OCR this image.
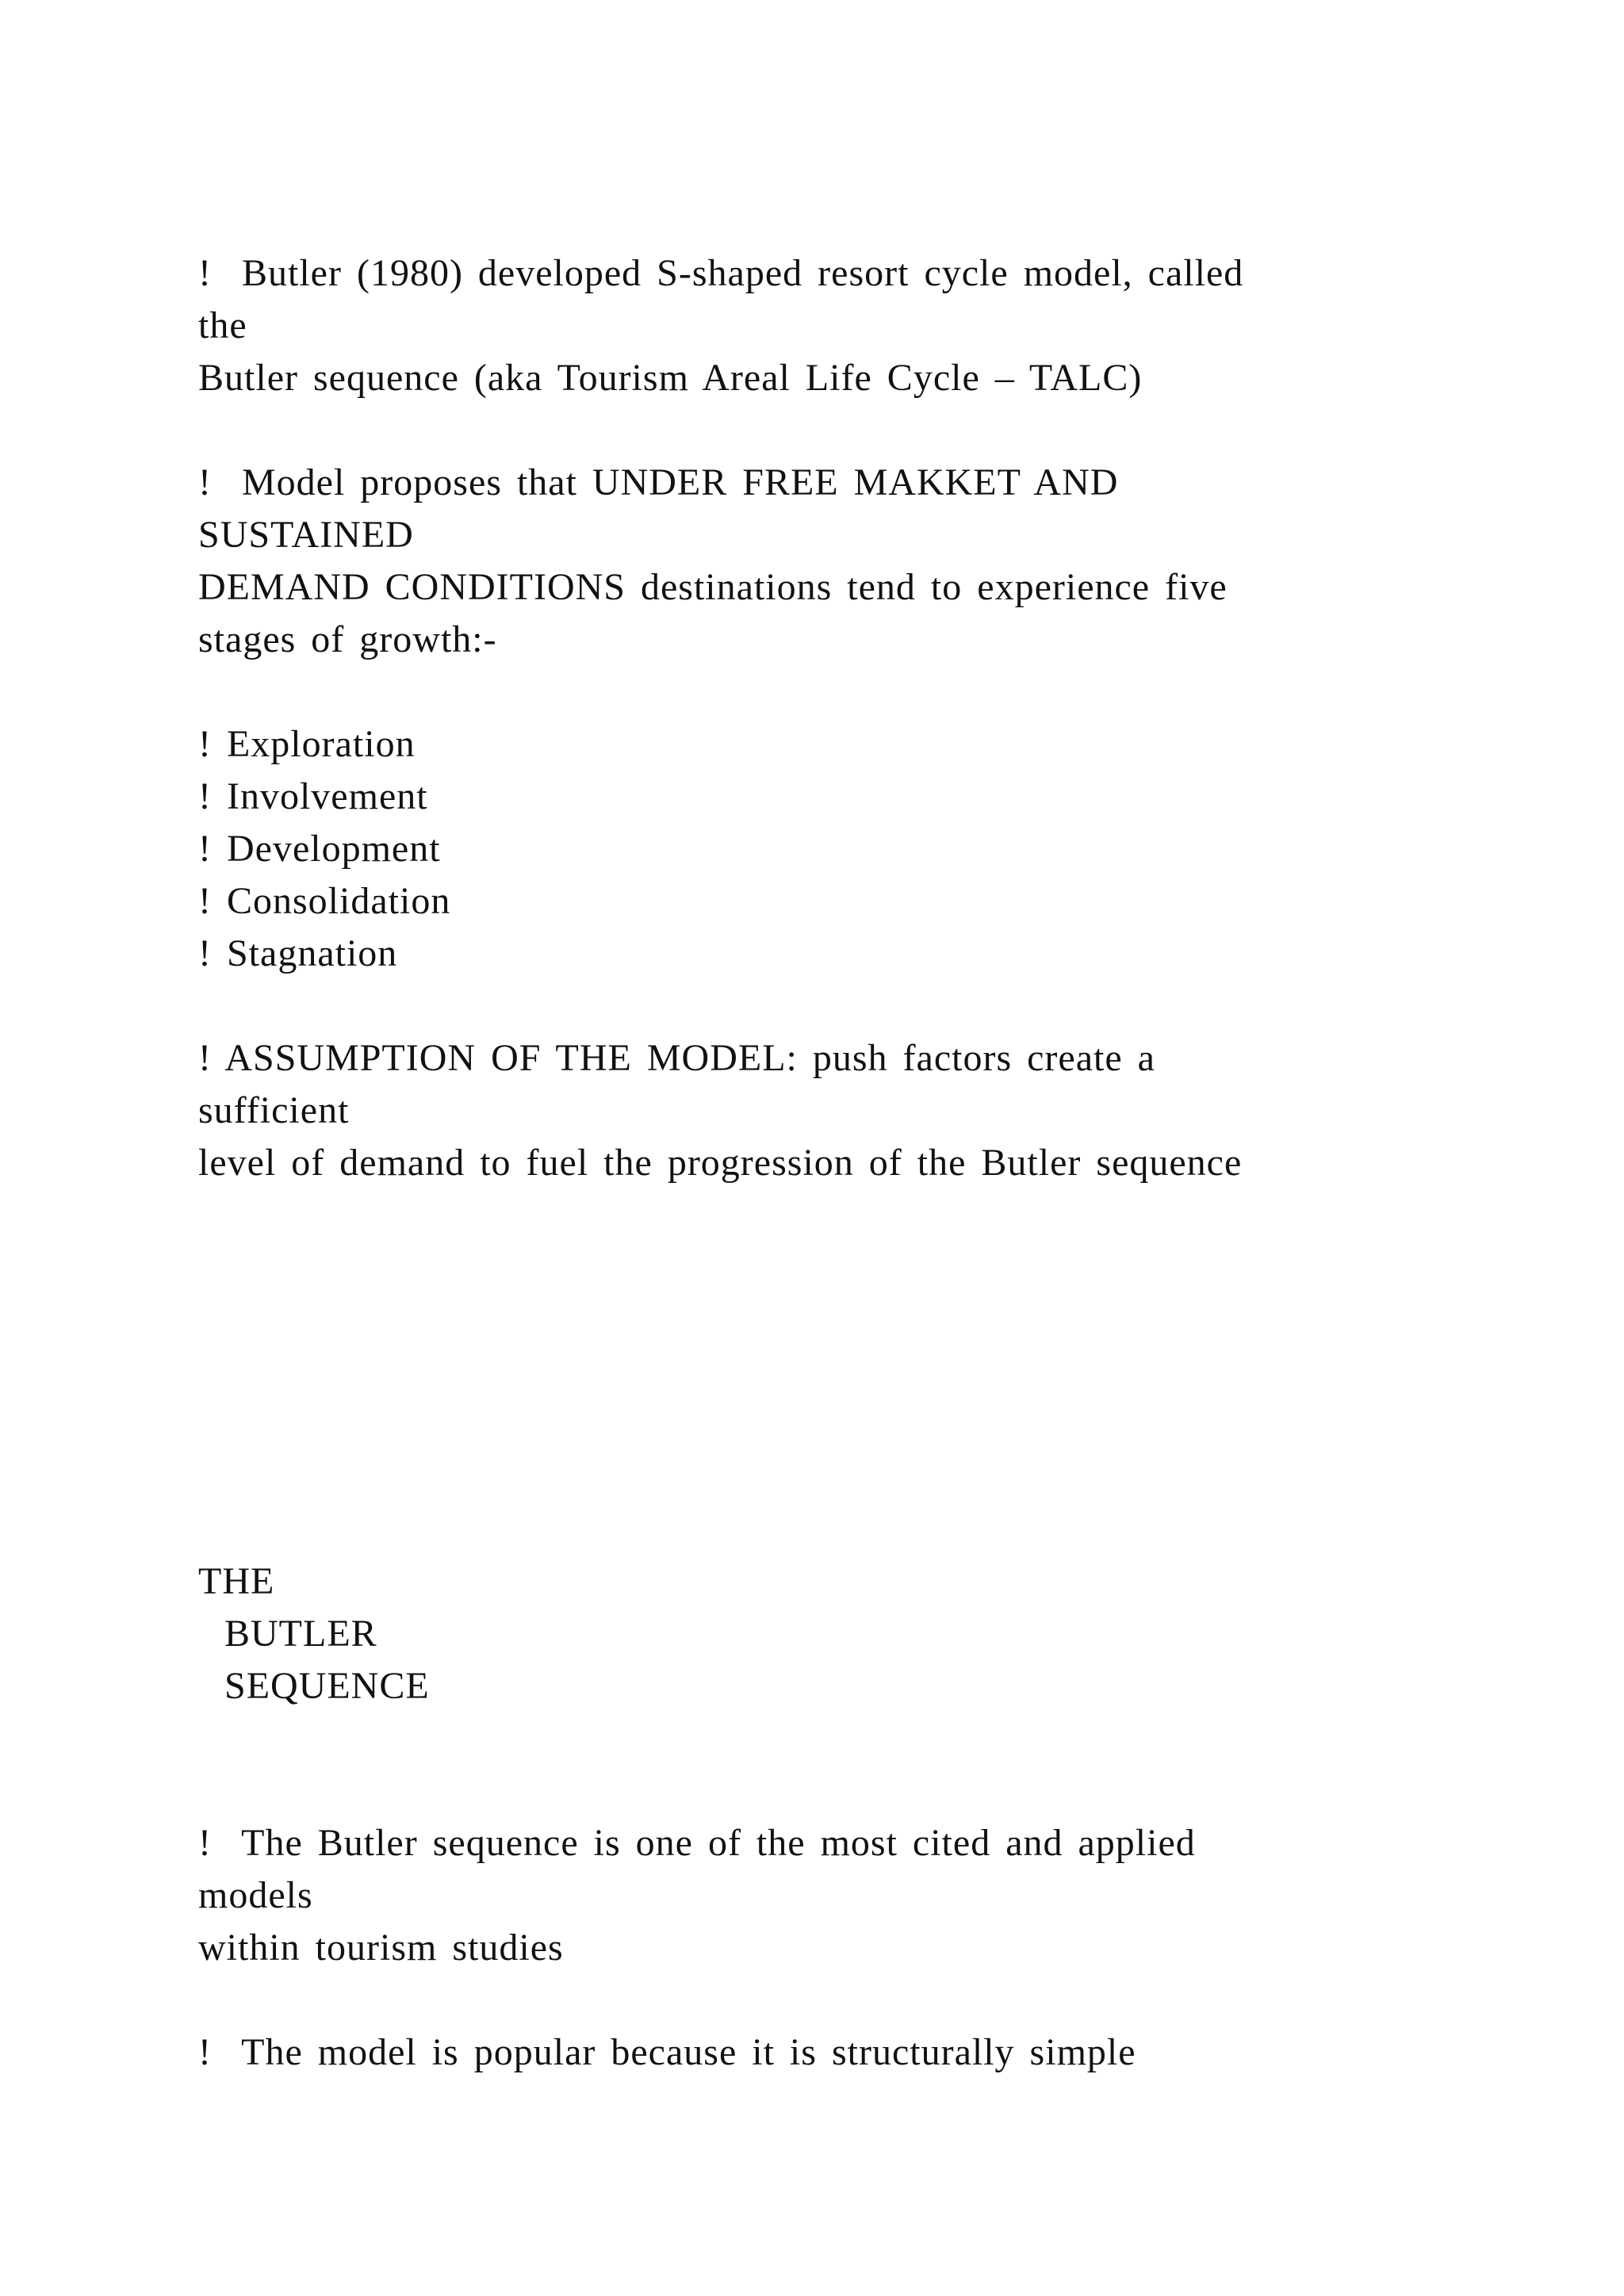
!  Butler (1980) developed S-shaped resort cycle model, called
the
Butler sequence (aka Tourism Areal Life Cycle – TALC)
!  Model proposes that UNDER FREE MAKKET AND
SUSTAINED
DEMAND CONDITIONS destinations tend to experience five
stages of growth:-
! Exploration
! Involvement
! Development
! Consolidation
! Stagnation
! ASSUMPTION OF THE MODEL: push factors create a
sufficient
level of demand to fuel the progression of the Butler sequence
THE
BUTLER
SEQUENCE
!  The Butler sequence is one of the most cited and applied
models
within tourism studies
!  The model is popular because it is structurally simple
